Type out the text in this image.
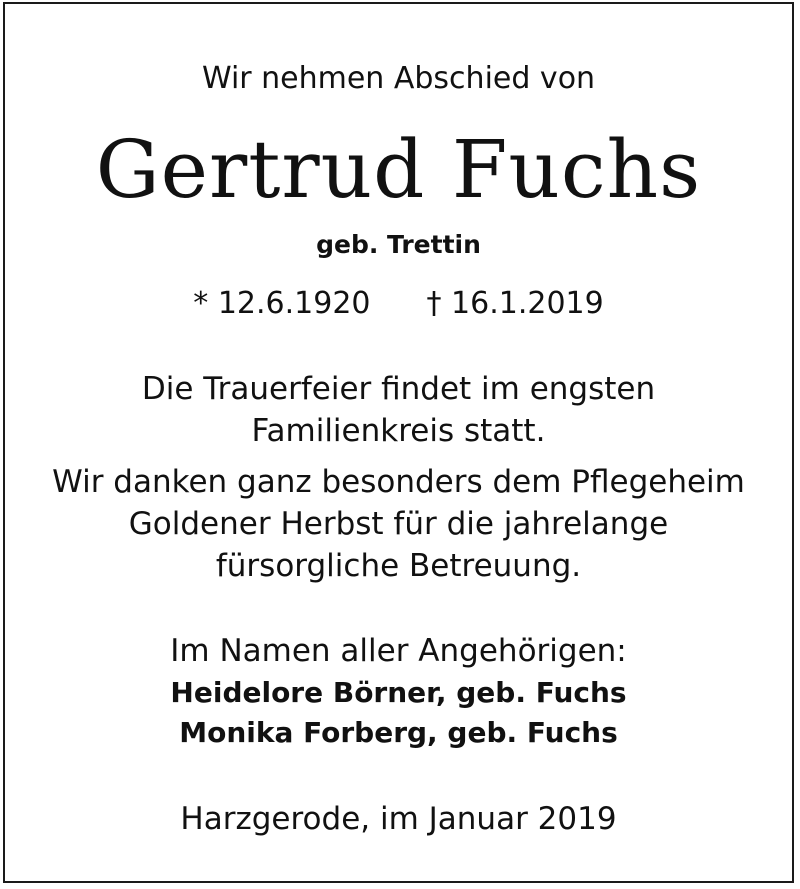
Wir nehmen Abschied von
Gertrud Fuchs
geb. Trettin
* 12.6.1920 † 16.1.2019
Die Trauerfeier findet im engsten
Familienkreis statt.
Wir danken ganz besonders dem Pflegeheim
Goldener Herbst für die jahrelange
fürsorgliche Betreuung.
Im Namen aller Angehörigen:
Heidelore Börner, geb. Fuchs
Monika Forberg, geb. Fuchs
Harzgerode, im Januar 2019
